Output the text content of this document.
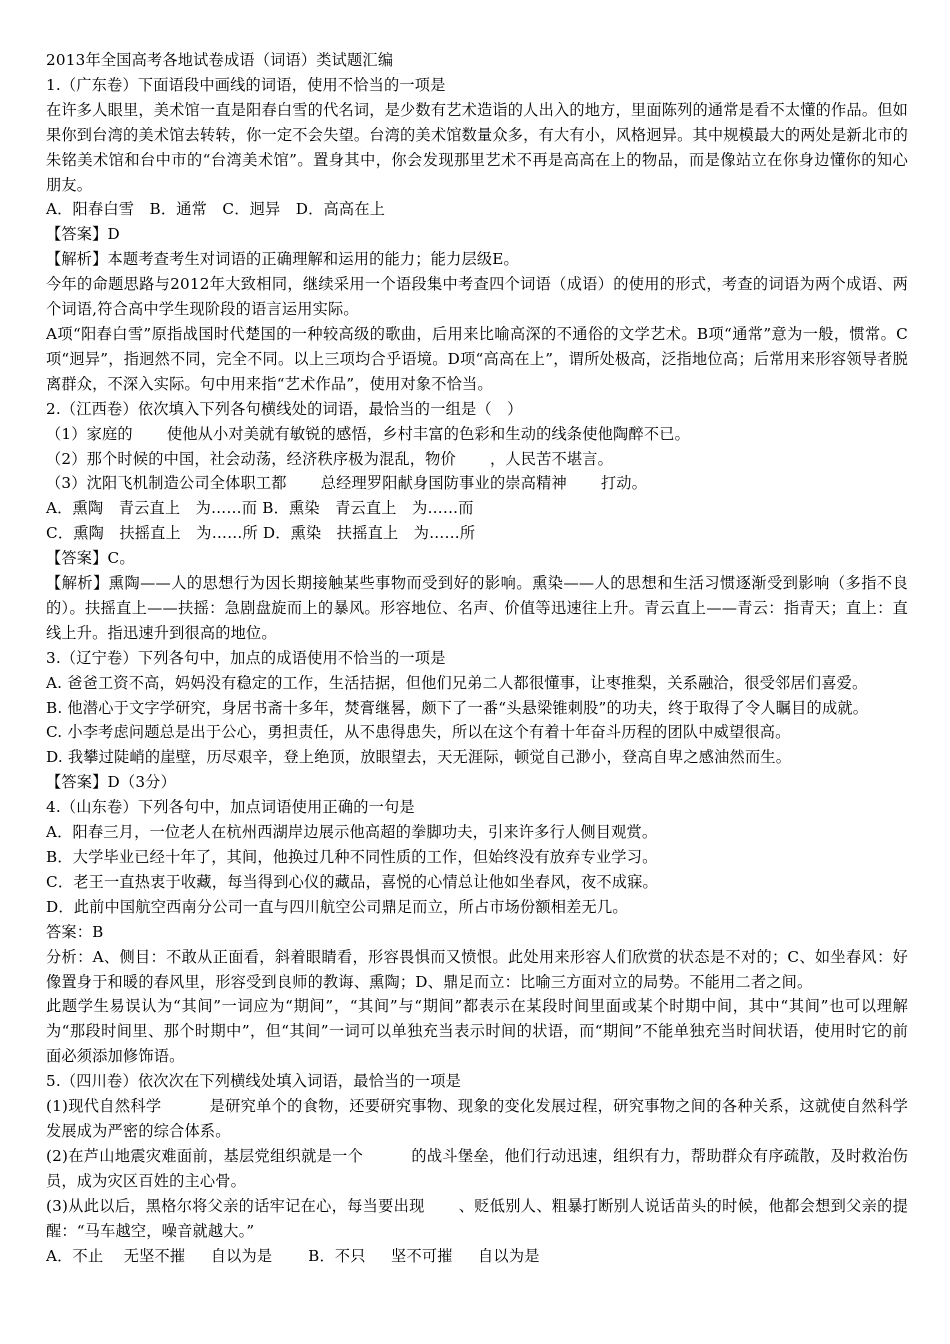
2013年全国高考各地试卷成语（词语）类试题汇编

1.（广东卷）下面语段中画线的词语，使用不恰当的一项是

在许多人眼里，美术馆一直是阳春白雪的代名词，是少数有艺术造诣的人出入的地方，里面陈列的通常是看不太懂的作品。但如果你到台湾的美术馆去转转，你一定不会失望。台湾的美术馆数量众多，有大有小，风格迥异。其中规模最大的两处是新北市的朱铭美术馆和台中市的“台湾美术馆”。置身其中，你会发现那里艺术不再是高高在上的物品，而是像站立在你身边懂你的知心朋友。

A．阳春白雪　B．通常　C．迥异　D．高高在上

【答案】D

【解析】本题考查考生对词语的正确理解和运用的能力；能力层级E。

今年的命题思路与2012年大致相同，继续采用一个语段集中考查四个词语（成语）的使用的形式，考查的词语为两个成语、两个词语,符合高中学生现阶段的语言运用实际。

A项“阳春白雪”原指战国时代楚国的一种较高级的歌曲，后用来比喻高深的不通俗的文学艺术。B项“通常”意为一般，惯常。C项“迥异”，指迥然不同，完全不同。以上三项均合乎语境。D项“高高在上”，谓所处极高，泛指地位高；后常用来形容领导者脱离群众，不深入实际。句中用来指“艺术作品”，使用对象不恰当。

2.（江西卷）依次填入下列各句横线处的词语，最恰当的一组是（　）

（1）家庭的 使他从小对美就有敏锐的感悟，乡村丰富的色彩和生动的线条使他陶醉不已。

（2）那个时候的中国，社会动荡，经济秩序极为混乱，物价 ，人民苦不堪言。

（3）沈阳飞机制造公司全体职工都 总经理罗阳献身国防事业的崇高精神 打动。

A．熏陶　青云直上　为……而 B．熏染　青云直上　为……而

C．熏陶　扶摇直上　为……所 D．熏染　扶摇直上　为……所

【答案】C。

【解析】熏陶——人的思想行为因长期接触某些事物而受到好的影响。熏染——人的思想和生活习惯逐渐受到影响（多指不良的）。扶摇直上——扶摇：急剧盘旋而上的暴风。形容地位、名声、价值等迅速往上升。青云直上——青云：指青天；直上：直线上升。指迅速升到很高的地位。

3.（辽宁卷）下列各句中，加点的成语使用不恰当的一项是

A. 爸爸工资不高，妈妈没有稳定的工作，生活拮据，但他们兄弟二人都很懂事，让枣推梨，关系融洽，很受邻居们喜爱。

B. 他潜心于文字学研究，身居书斋十多年，焚膏继晷，颇下了一番“头悬梁锥刺股”的功夫，终于取得了令人瞩目的成就。

C. 小李考虑问题总是出于公心，勇担责任，从不患得患失，所以在这个有着十年奋斗历程的团队中威望很高。

D. 我攀过陡峭的崖壁，历尽艰辛，登上绝顶，放眼望去，天无涯际，顿觉自己渺小，登高自卑之感油然而生。

【答案】D（3分）

4.（山东卷）下列各句中，加点词语使用正确的一句是

A．阳春三月，一位老人在杭州西湖岸边展示他高超的拳脚功夫，引来许多行人侧目观赏。

B．大学毕业已经十年了，其间，他换过几种不同性质的工作，但始终没有放弃专业学习。

C．老王一直热衷于收藏，每当得到心仪的藏品，喜悦的心情总让他如坐春风，夜不成寐。

D．此前中国航空西南分公司一直与四川航空公司鼎足而立，所占市场份额相差无几。

答案：B

分析：A、侧目：不敢从正面看，斜着眼睛看，形容畏惧而又愤恨。此处用来形容人们欣赏的状态是不对的；C、如坐春风：好像置身于和暖的春风里，形容受到良师的教诲、熏陶；D、鼎足而立：比喻三方面对立的局势。不能用二者之间。

此题学生易误认为“其间”一词应为“期间”，“其间”与“期间”都表示在某段时间里面或某个时期中间，其中“其间”也可以理解为“那段时间里、那个时期中”，但“其间”一词可以单独充当表示时间的状语，而“期间”不能单独充当时间状语，使用时它的前面必须添加修饰语。

5.（四川卷）依次次在下列横线处填入词语，最恰当的一项是

(1)现代自然科学	是研究单个的食物，还要研究事物、现象的变化发展过程，研究事物之间的各种关系，这就使自然科学发展成为严密的综合体系。

(2)在芦山地震灾难面前，基层党组织就是一个	的战斗堡垒，他们行动迅速，组织有力，帮助群众有序疏散，及时救治伤员，成为灾区百姓的主心骨。

(3)从此以后，黑格尔将父亲的话牢记在心，每当要出现 、贬低别人、粗暴打断别人说话苗头的时候，他都会想到父亲的提醒：“马车越空，噪音就越大。”

A．不止　 无坚不摧 　 自以为是 　　B．不只 　 坚不可摧 　 自以为是
